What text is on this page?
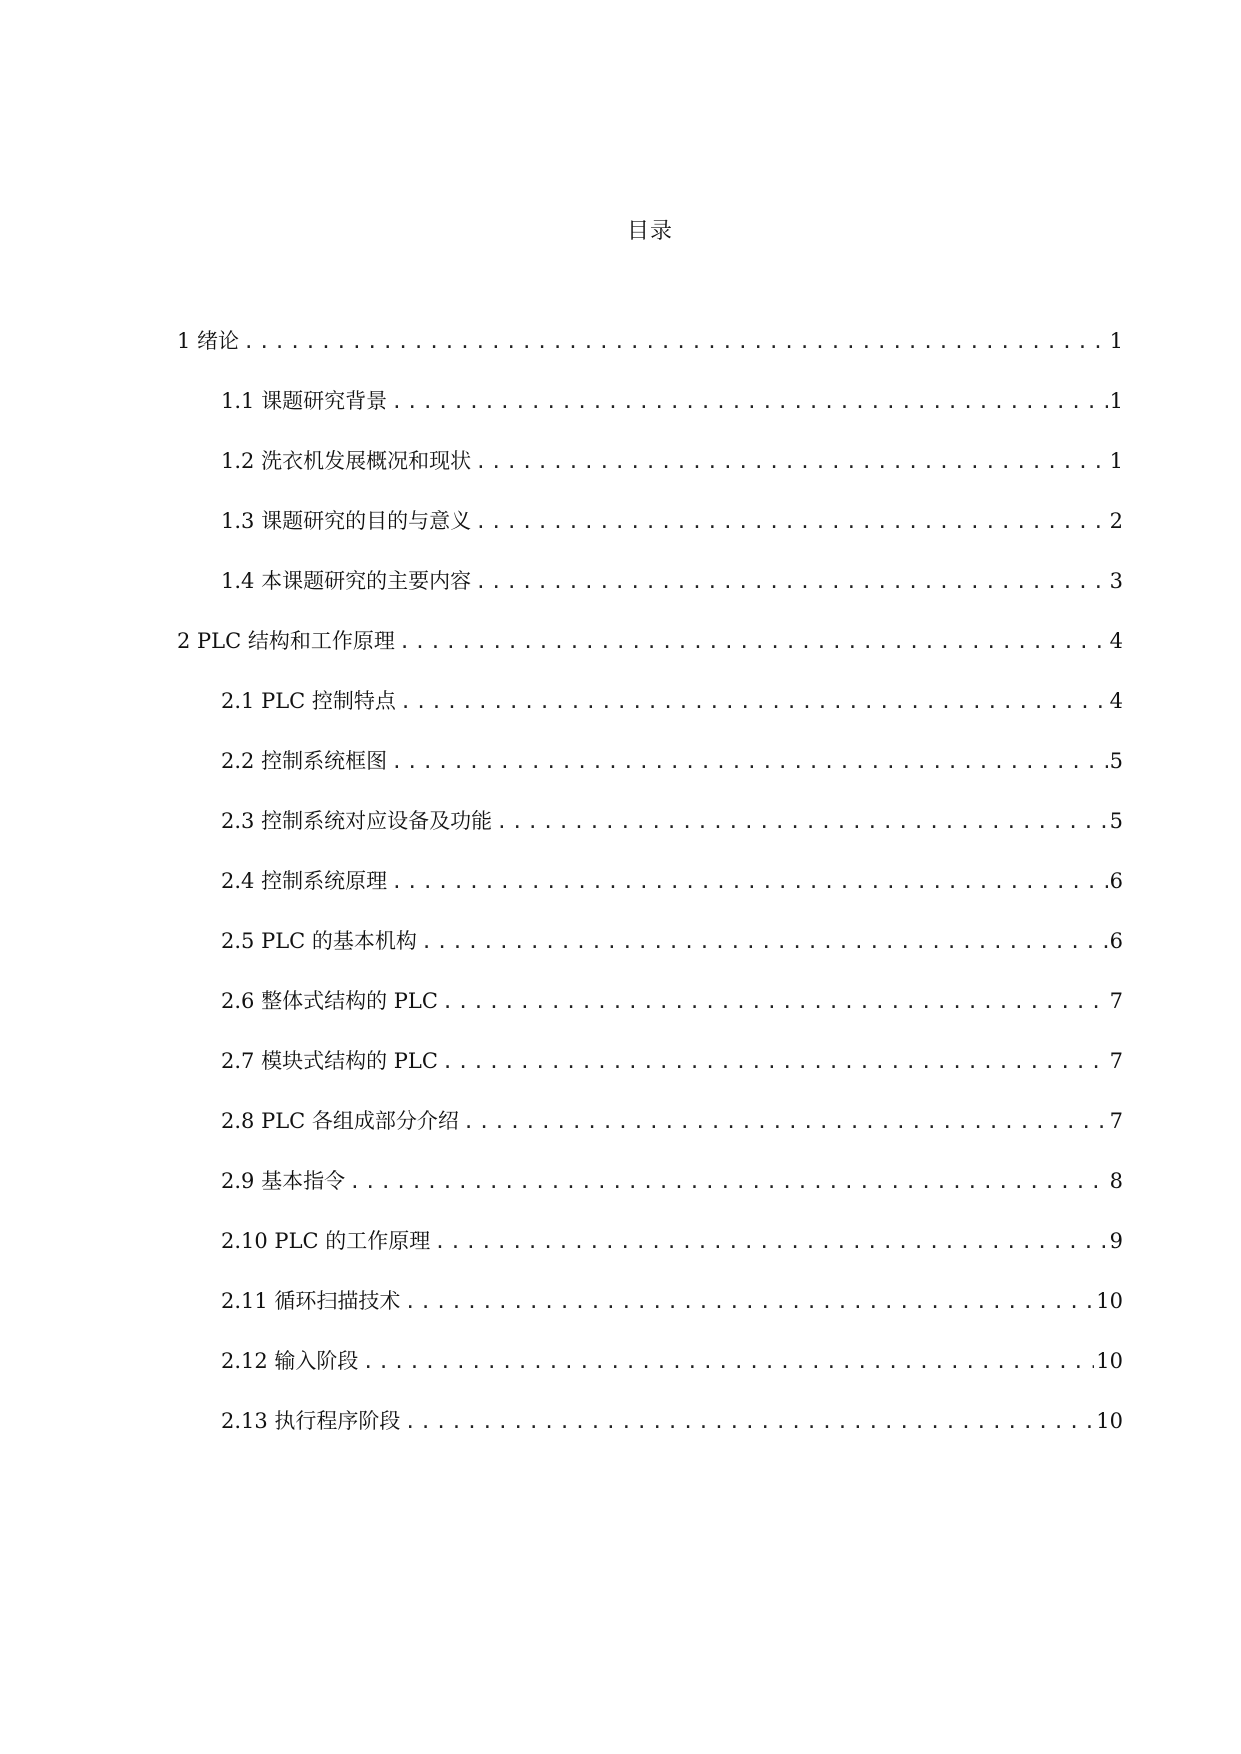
目录
1 绪论 .....	1
1.1 课题研究背景 .....	1
1.2 洗衣机发展概况和现状 .....	1
1.3 课题研究的目的与意义 .....	2
1.4 本课题研究的主要内容 .....	3
2 PLC 结构和工作原理 .....	4
2.1 PLC 控制特点 .....	4
2.2 控制系统框图 .....	5
2.3 控制系统对应设备及功能 .....	5
2.4 控制系统原理 .....	6
2.5 PLC 的基本机构 .....	6
2.6 整体式结构的 PLC .....	7
2.7 模块式结构的 PLC .....	7
2.8 PLC 各组成部分介绍 .....	7
2.9 基本指令 .....	8
2.10 PLC 的工作原理 .....	9
2.11 循环扫描技术 .....	10
2.12 输入阶段 .....	10
2.13 执行程序阶段 .....	10
